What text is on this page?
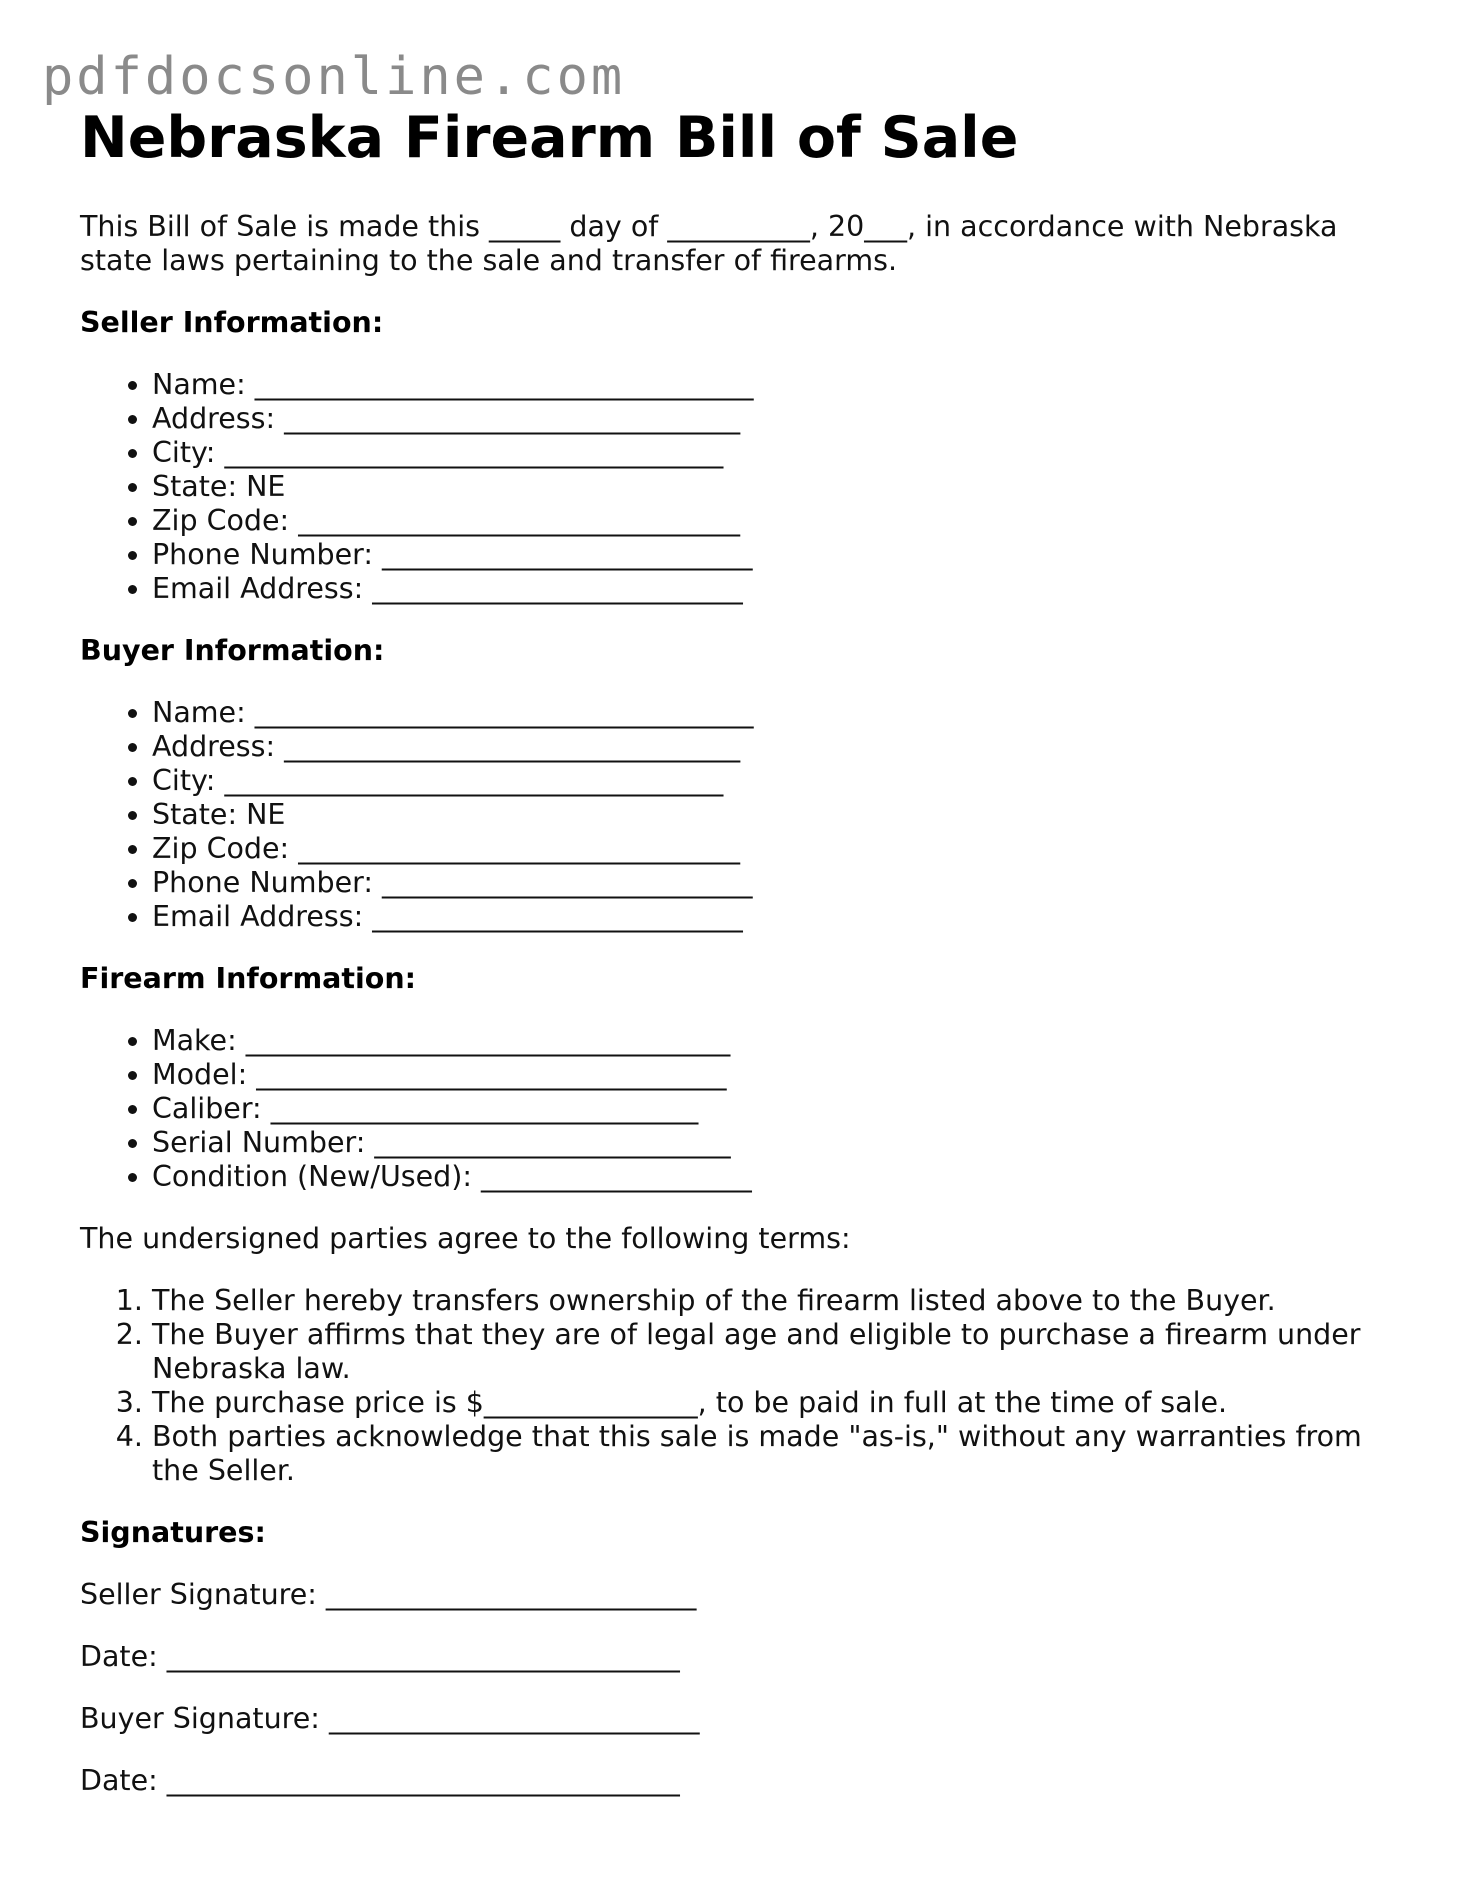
pdfdocsonline.com
Nebraska Firearm Bill of Sale

This Bill of Sale is made this _____ day of __________, 20___, in accordance with Nebraska state laws pertaining to the sale and transfer of firearms.

Seller Information:
• Name: ___________________________________
• Address: ________________________________
• City: ___________________________________
• State: NE
• Zip Code: _______________________________
• Phone Number: __________________________
• Email Address: __________________________
Buyer Information:
• Name: ___________________________________
• Address: ________________________________
• City: ___________________________________
• State: NE
• Zip Code: _______________________________
• Phone Number: __________________________
• Email Address: __________________________
Firearm Information:
• Make: __________________________________
• Model: _________________________________
• Caliber: ______________________________
• Serial Number: _________________________
• Condition (New/Used): ___________________

The undersigned parties agree to the following terms:

1. The Seller hereby transfers ownership of the firearm listed above to the Buyer.
2. The Buyer affirms that they are of legal age and eligible to purchase a firearm under Nebraska law.
3. The purchase price is $_______________, to be paid in full at the time of sale.
4. Both parties acknowledge that this sale is made "as-is," without any warranties from the Seller.
Signatures:

Seller Signature: __________________________

Date: ____________________________________

Buyer Signature: __________________________

Date: ____________________________________
